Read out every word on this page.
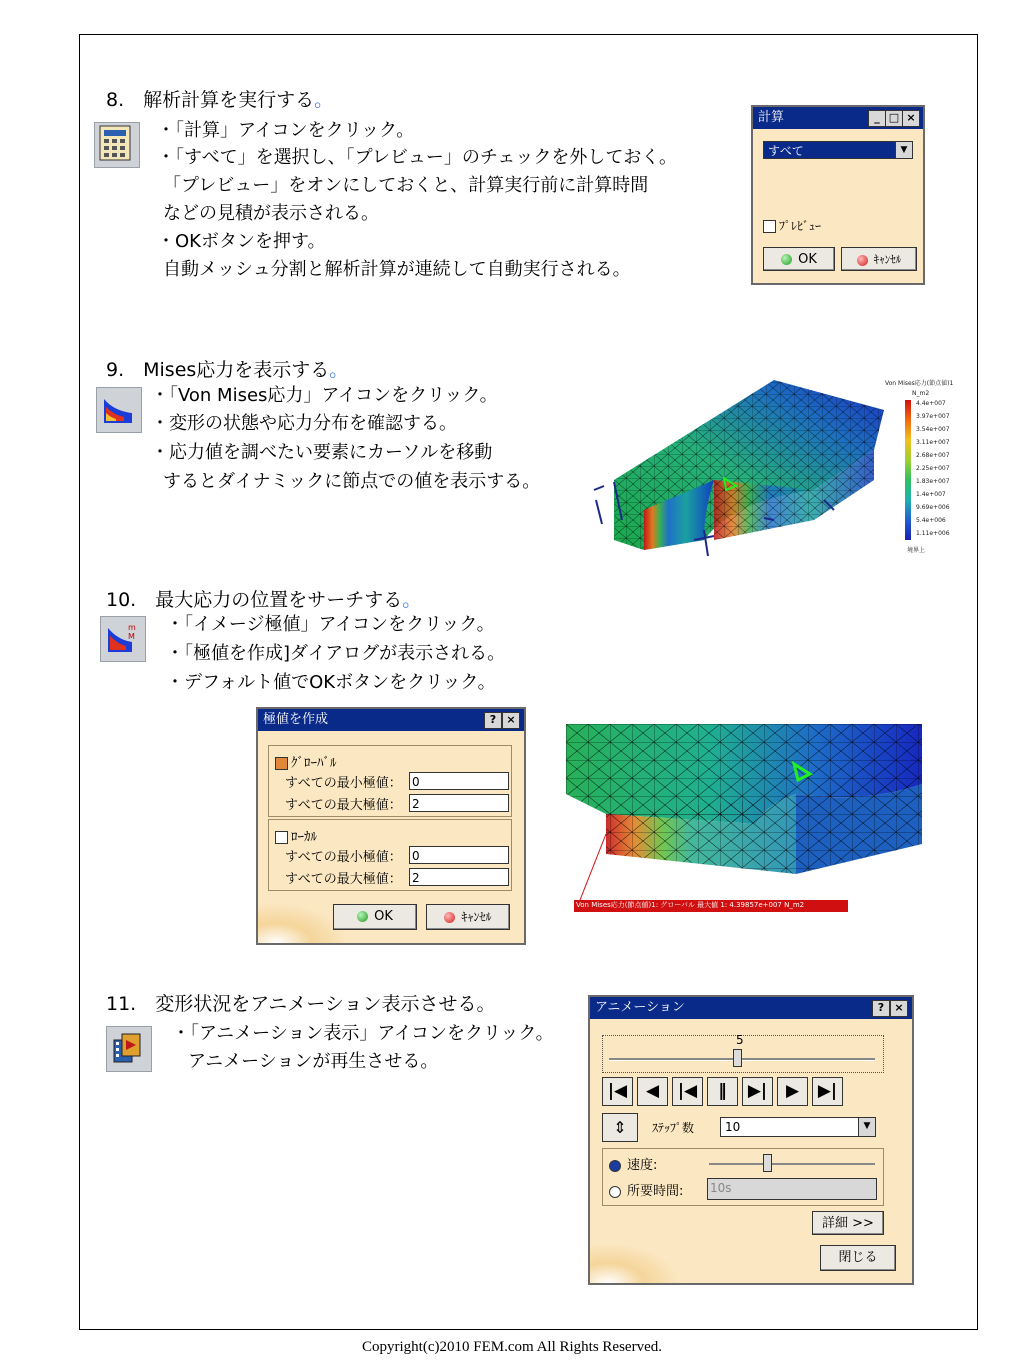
8.　解析計算を実行する。
・「計算」アイコンをクリック。
・「すべて」を選択し、「プレビュー」のチェックを外しておく。
「プレビュー」をオンにしておくと、計算実行前に計算時間
などの見積が表示される。
・OKボタンを押す。
自動メッシュ分割と解析計算が連続して自動実行される。
計算	_ □ ×
すべて	▼
ﾌﾟﾚﾋﾞｭｰ
OK	ｷｬﾝｾﾙ
9.　Mises応力を表示する。
・「Von Mises応力」アイコンをクリック。
・変形の状態や応力分布を確認する。
・応力値を調べたい要素にカーソルを移動
するとダイナミックに節点での値を表示する。
Von Mises応力(節点値)1
N_m2
4.4e+007
3.97e+007
3.54e+007
3.11e+007
2.68e+007
2.25e+007
1.83e+007
1.4e+007
9.69e+006
5.4e+006
1.11e+006
境界上
10.　最大応力の位置をサーチする。
m
M
・「イメージ極値」アイコンをクリック。
・「極値を作成]ダイアログが表示される。
・デフォルト値でOKボタンをクリック。
極値を作成	? ×
ｸﾞﾛｰﾊﾞﾙ
すべての最小極値： 0
すべての最大極値： 2
ﾛｰｶﾙ
すべての最小極値： 0
すべての最大極値： 2
OK	ｷｬﾝｾﾙ
Von Mises応力(節点値)1: グローバル 最大値 1: 4.39857e+007 N_m2
11.　変形状況をアニメーション表示させる。
・「アニメーション表示」アイコンをクリック。
アニメーションが再生させる。
アニメーション	? ×
5
|◀	◀	|◀	‖	▶|	▶	▶|
⇕	ｽﾃｯﾌﾟ数	10	▼
速度:
所要時間: 10s
詳細 >>
閉じる
Copyright(c)2010 FEM.com All Rights Reserved.
